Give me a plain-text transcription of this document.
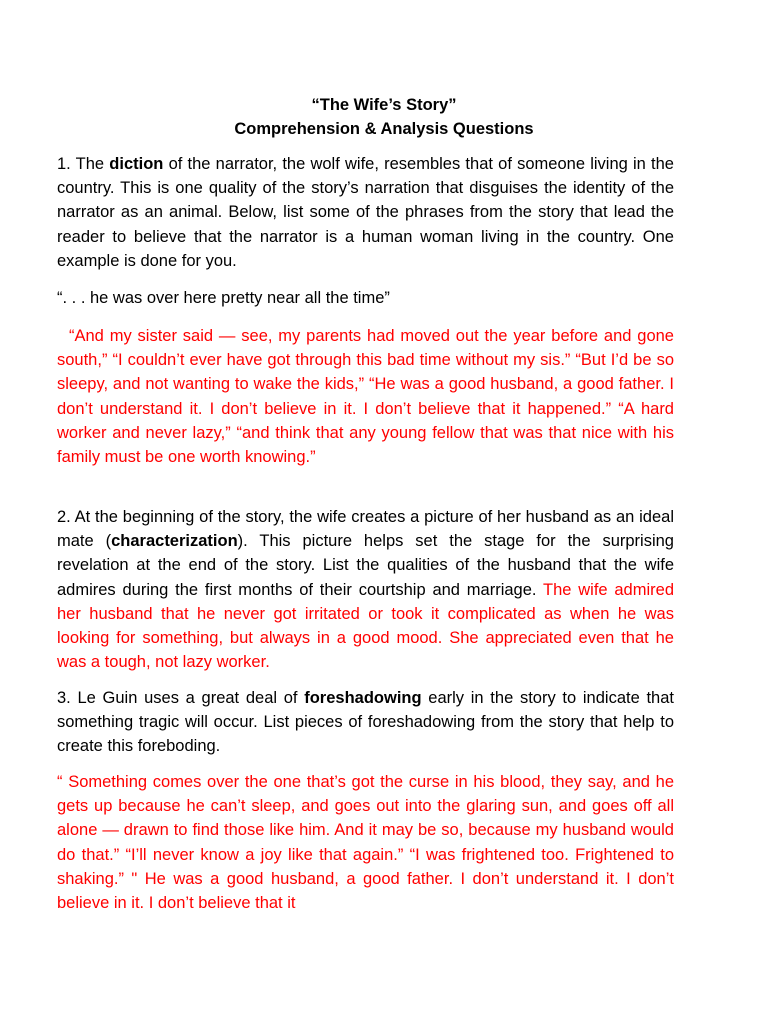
“The Wife’s Story”
Comprehension & Analysis Questions

1. The diction of the narrator, the wolf wife, resembles that of someone living in the country. This is one quality of the story’s narration that disguises the identity of the narrator as an animal. Below, list some of the phrases from the story that lead the reader to believe that the narrator is a human woman living in the country. One example is done for you.

“. . . he was over here pretty near all the time”

“And my sister said — see, my parents had moved out the year before and gone south,” “I couldn’t ever have got through this bad time without my sis.” “But I’d be so sleepy, and not wanting to wake the kids,” “He was a good husband, a good father. I don’t understand it. I don’t believe in it. I don’t believe that it happened.” “A hard worker and never lazy,” “and think that any young fellow that was that nice with his family must be one worth knowing.”

2. At the beginning of the story, the wife creates a picture of her husband as an ideal mate (characterization). This picture helps set the stage for the surprising revelation at the end of the story. List the qualities of the husband that the wife admires during the first months of their courtship and marriage. The wife admired her husband that he never got irritated or took it complicated as when he was looking for something, but always in a good mood. She appreciated even that he was a tough, not lazy worker.

3. Le Guin uses a great deal of foreshadowing early in the story to indicate that something tragic will occur. List pieces of foreshadowing from the story that help to create this foreboding.

“ Something comes over the one that’s got the curse in his blood, they say, and he gets up because he can’t sleep, and goes out into the glaring sun, and goes off all alone — drawn to find those like him. And it may be so, because my husband would do that.” “I’ll never know a joy like that again.” “I was frightened too. Frightened to shaking.” " He was a good husband, a good father. I don’t understand it. I don’t believe in it. I don’t believe that it
